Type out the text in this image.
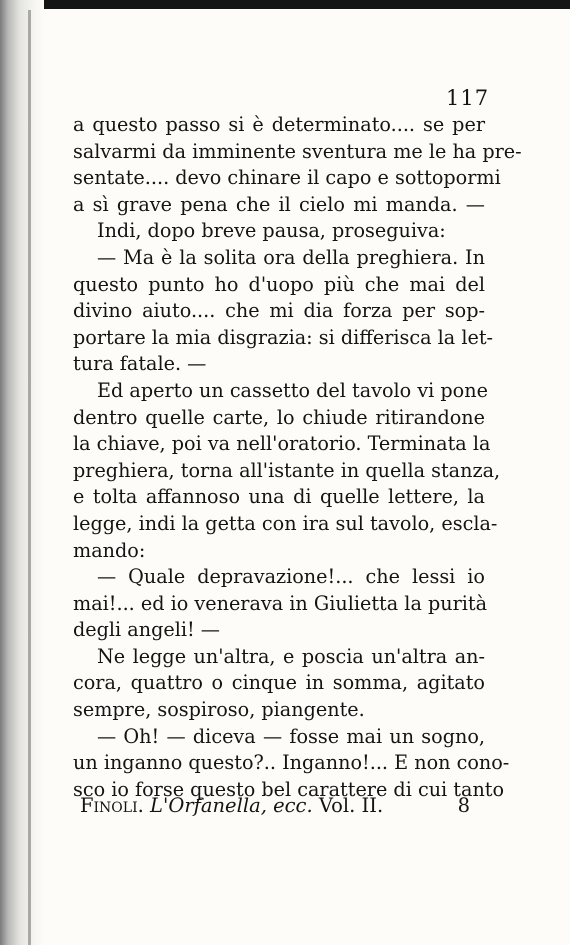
117
a questo passo si è determinato.... se per
salvarmi da imminente sventura me le ha pre-
sentate.... devo chinare il capo e sottopormi
a sì grave pena che il cielo mi manda. —
Indi, dopo breve pausa, proseguiva:
— Ma è la solita ora della preghiera. In
questo punto ho d'uopo più che mai del
divino aiuto.... che mi dia forza per sop-
portare la mia disgrazia: si differisca la let-
tura fatale. —
Ed aperto un cassetto del tavolo vi pone
dentro quelle carte, lo chiude ritirandone
la chiave, poi va nell'oratorio. Terminata la
preghiera, torna all'istante in quella stanza,
e tolta affannoso una di quelle lettere, la
legge, indi la getta con ira sul tavolo, escla-
mando:
— Quale depravazione!... che lessi io
mai!... ed io venerava in Giulietta la purità
degli angeli! —
Ne legge un'altra, e poscia un'altra an-
cora, quattro o cinque in somma, agitato
sempre, sospiroso, piangente.
— Oh! — diceva — fosse mai un sogno,
un inganno questo?.. Inganno!... E non cono-
sco io forse questo bel carattere di cui tanto
Finoli. L'Orfanella, ecc. Vol. II.	8
